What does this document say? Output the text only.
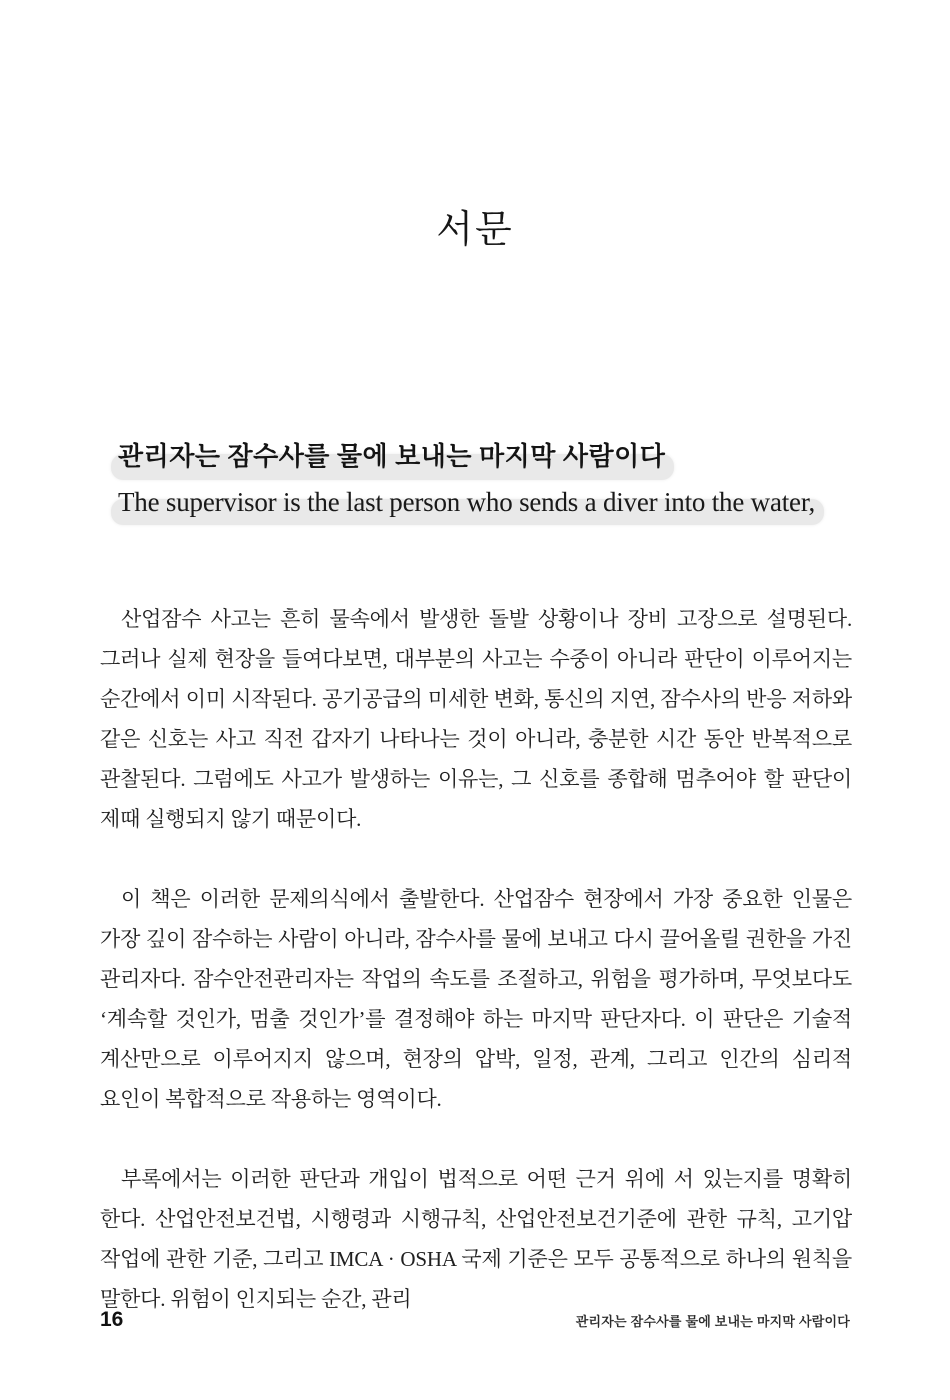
서문
관리자는 잠수사를 물에 보내는 마지막 사람이다
The supervisor is the last person who sends a diver into the water,

산업잠수 사고는 흔히 물속에서 발생한 돌발 상황이나 장비 고장으로 설명된다. 그러나 실제 현장을 들여다보면, 대부분의 사고는 수중이 아니라 판단이 이루어지는 순간에서 이미 시작된다. 공기공급의 미세한 변화, 통신의 지연, 잠수사의 반응 저하와 같은 신호는 사고 직전 갑자기 나타나는 것이 아니라, 충분한 시간 동안 반복적으로 관찰된다. 그럼에도 사고가 발생하는 이유는, 그 신호를 종합해 멈추어야 할 판단이 제때 실행되지 않기 때문이다.

이 책은 이러한 문제의식에서 출발한다. 산업잠수 현장에서 가장 중요한 인물은 가장 깊이 잠수하는 사람이 아니라, 잠수사를 물에 보내고 다시 끌어올릴 권한을 가진 관리자다. 잠수안전관리자는 작업의 속도를 조절하고, 위험을 평가하며, 무엇보다도 ‘계속할 것인가, 멈출 것인가’를 결정해야 하는 마지막 판단자다. 이 판단은 기술적 계산만으로 이루어지지 않으며, 현장의 압박, 일정, 관계, 그리고 인간의 심리적 요인이 복합적으로 작용하는 영역이다.

부록에서는 이러한 판단과 개입이 법적으로 어떤 근거 위에 서 있는지를 명확히 한다. 산업안전보건법, 시행령과 시행규칙, 산업안전보건기준에 관한 규칙, 고기압 작업에 관한 기준, 그리고 IMCA · OSHA 국제 기준은 모두 공통적으로 하나의 원칙을 말한다. 위험이 인지되는 순간, 관리

16	관리자는 잠수사를 물에 보내는 마지막 사람이다
